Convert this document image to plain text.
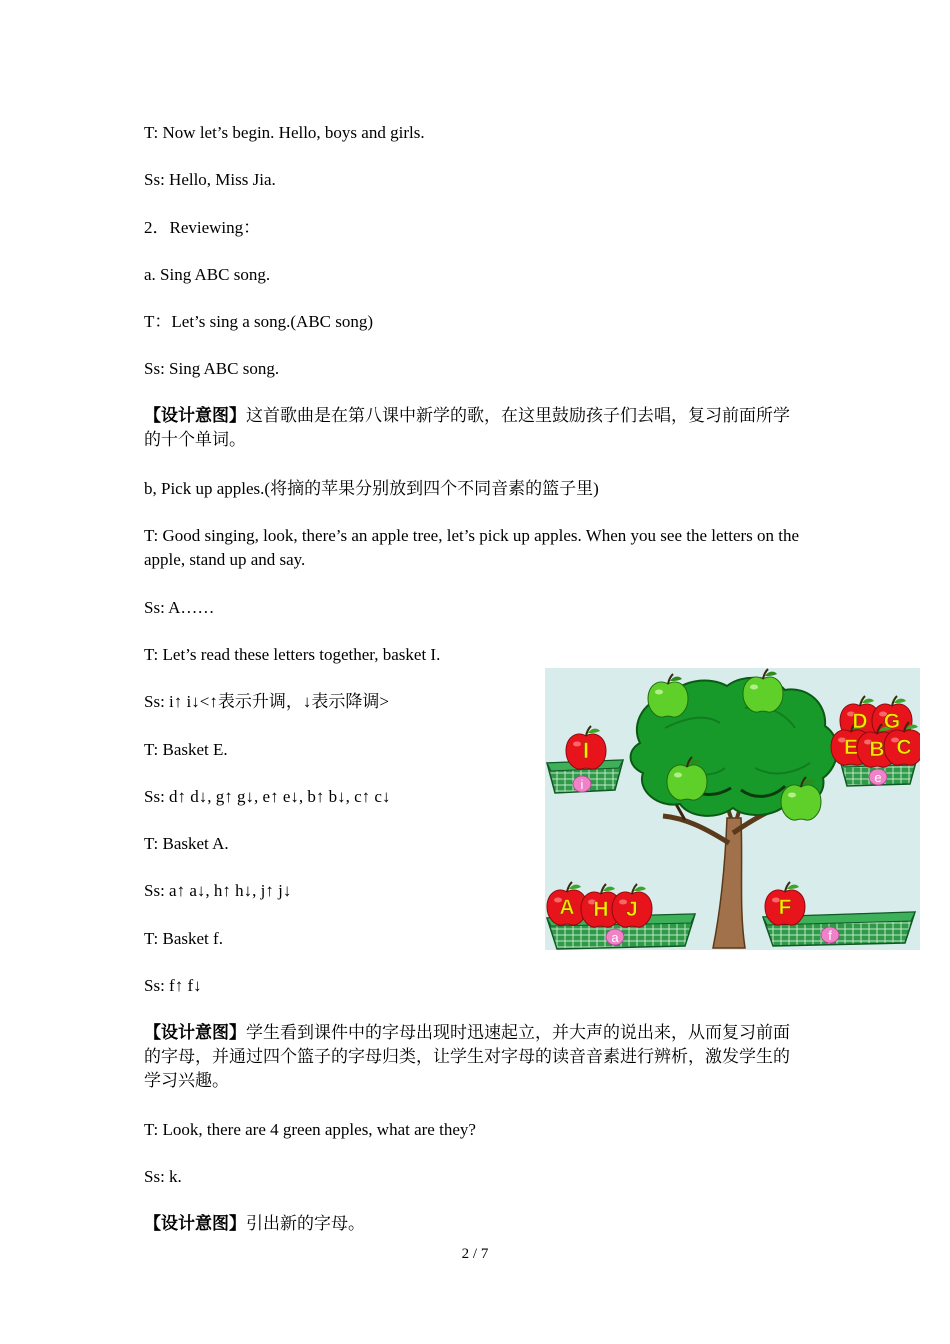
T: Now let’s begin. Hello, boys and girls.
Ss: Hello, Miss Jia.
2．Reviewing：
a. Sing ABC song.
T：Let’s sing a song.(ABC song)
Ss: Sing ABC song.
【设计意图】这首歌曲是在第八课中新学的歌，在这里鼓励孩子们去唱，复习前面所学的十个单词。
b, Pick up apples.(将摘的苹果分别放到四个不同音素的篮子里)
T: Good singing, look, there’s an apple tree, let’s pick up apples. When you see the letters on the apple, stand up and say.
Ss: A……
T: Let’s read these letters together, basket I.
Ss: i↑ i↓<↑表示升调，↓表示降调>
T: Basket E.
Ss: d↑ d↓, g↑ g↓, e↑ e↓, b↑ b↓, c↑ c↓
T: Basket A.
Ss: a↑ a↓, h↑ h↓, j↑ j↓
T: Basket f.
Ss: f↑ f↓
【设计意图】学生看到课件中的字母出现时迅速起立，并大声的说出来，从而复习前面的字母，并通过四个篮子的字母归类，让学生对字母的读音音素进行辨析，激发学生的学习兴趣。
T: Look, there are 4 green apples, what are they?
Ss: k.
【设计意图】引出新的字母。
I
i
D G
E B C
e
A H J
a
F
f
2 / 7
